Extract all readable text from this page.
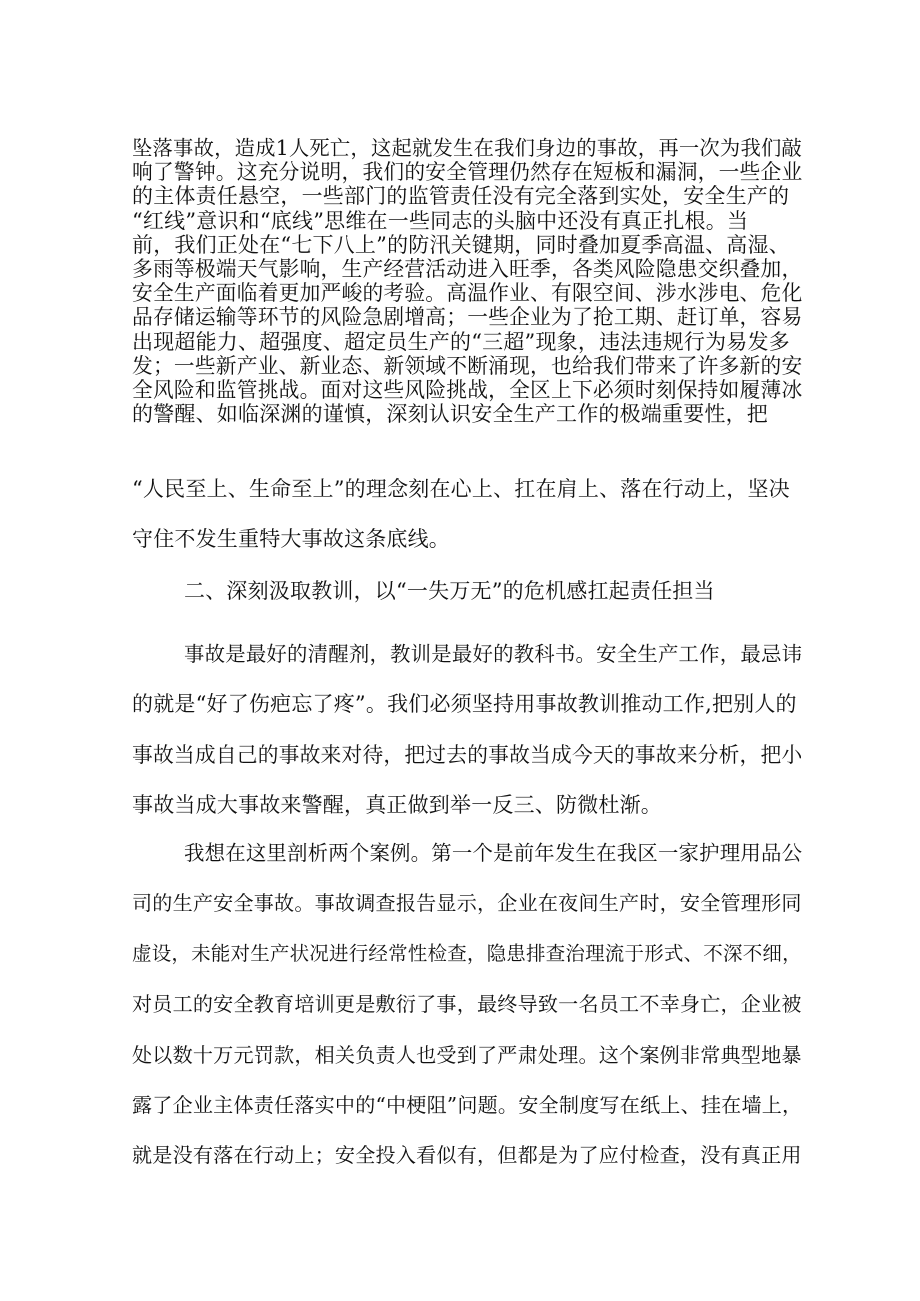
坠落事故，造成1人死亡，这起就发生在我们身边的事故，再一次为我们敲
响了警钟。这充分说明，我们的安全管理仍然存在短板和漏洞，一些企业
的主体责任悬空，一些部门的监管责任没有完全落到实处，安全生产的
“红线”意识和“底线”思维在一些同志的头脑中还没有真正扎根。当
前，我们正处在“七下八上”的防汛关键期，同时叠加夏季高温、高湿、
多雨等极端天气影响，生产经营活动进入旺季，各类风险隐患交织叠加，
安全生产面临着更加严峻的考验。高温作业、有限空间、涉水涉电、危化
品存储运输等环节的风险急剧增高；一些企业为了抢工期、赶订单，容易
出现超能力、超强度、超定员生产的“三超”现象，违法违规行为易发多
发；一些新产业、新业态、新领域不断涌现，也给我们带来了许多新的安
全风险和监管挑战。面对这些风险挑战，全区上下必须时刻保持如履薄冰
的警醒、如临深渊的谨慎，深刻认识安全生产工作的极端重要性，把
“人民至上、生命至上”的理念刻在心上、扛在肩上、落在行动上，坚决
守住不发生重特大事故这条底线。
二、深刻汲取教训，以“一失万无”的危机感扛起责任担当
事故是最好的清醒剂，教训是最好的教科书。安全生产工作，最忌讳
的就是“好了伤疤忘了疼”。我们必须坚持用事故教训推动工作,把别人的
事故当成自己的事故来对待，把过去的事故当成今天的事故来分析，把小
事故当成大事故来警醒，真正做到举一反三、防微杜渐。
我想在这里剖析两个案例。第一个是前年发生在我区一家护理用品公
司的生产安全事故。事故调查报告显示，企业在夜间生产时，安全管理形同
虚设，未能对生产状况进行经常性检查，隐患排查治理流于形式、不深不细，
对员工的安全教育培训更是敷衍了事，最终导致一名员工不幸身亡，企业被
处以数十万元罚款，相关负责人也受到了严肃处理。这个案例非常典型地暴
露了企业主体责任落实中的“中梗阻”问题。安全制度写在纸上、挂在墙上，
就是没有落在行动上；安全投入看似有，但都是为了应付检查，没有真正用
